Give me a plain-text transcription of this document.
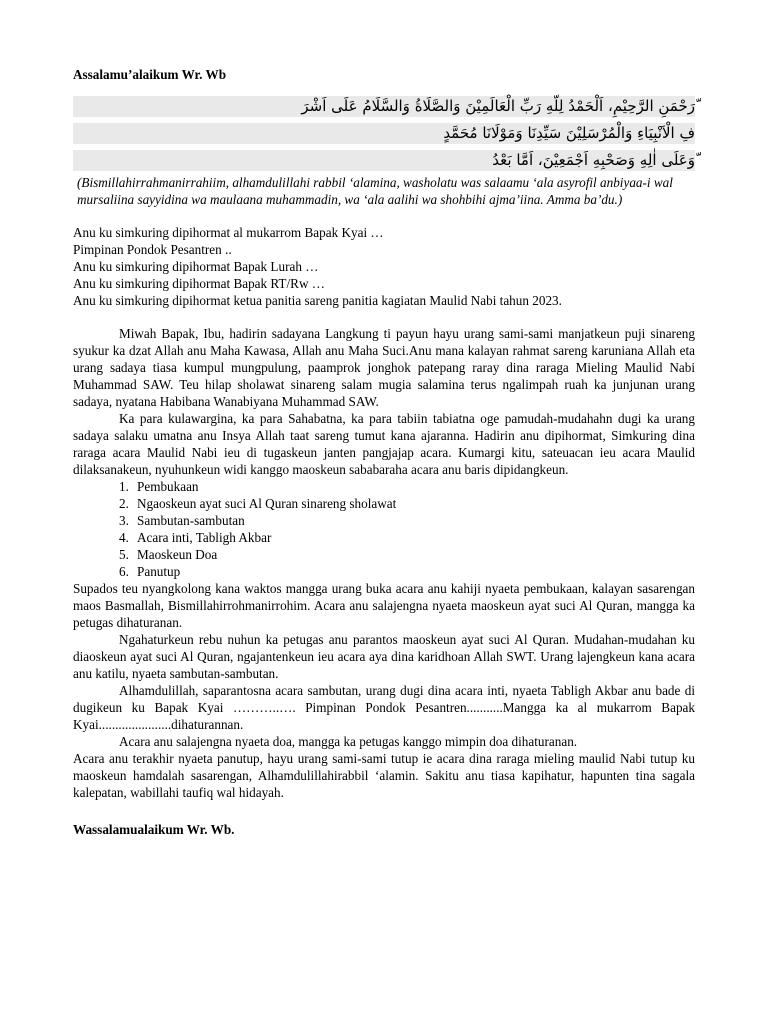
Assalamu’alaikum Wr. Wb
ّرَحْمَنِ الرَّحِيْمِ، اَلْحَمْدُ لِلّهِ رَبِّ الْعَالَمِيْنَ وَالصَّلَاةُ وَالسَّلَامُ عَلَى اَشْرَ
فِ الْاَنْبِيَاءِ وَالْمُرْسَلِيْنَ سَيِّدِنَا وَمَوْلَانَا مُحَمَّدٍ
ّوَعَلَى اٰلِهِ وَصَحْبِهِ اَجْمَعِيْنَ، اَمَّا بَعْدُ

(Bismillahirrahmanirrahiim, alhamdulillahi rabbil ‘alamina, washolatu was salaamu ‘ala asyrofil anbiyaa-i wal mursaliina sayyidina wa maulaana muhammadin, wa ‘ala aalihi wa shohbihi ajma’iina. Amma ba’du.)

Anu ku simkuring dipihormat al mukarrom Bapak Kyai …
Pimpinan Pondok Pesantren ..
Anu ku simkuring dipihormat Bapak Lurah …
Anu ku simkuring dipihormat Bapak RT/Rw …
Anu ku simkuring dipihormat ketua panitia sareng panitia kagiatan Maulid Nabi tahun 2023.

Miwah Bapak, Ibu, hadirin sadayana Langkung ti payun hayu urang sami-sami manjatkeun puji sinareng syukur ka dzat Allah anu Maha Kawasa, Allah anu Maha Suci.Anu mana kalayan rahmat sareng karuniana Allah eta urang sadaya tiasa kumpul mungpulung, paamprok jonghok patepang raray dina raraga Mieling Maulid Nabi Muhammad SAW. Teu hilap sholawat sinareng salam mugia salamina terus ngalimpah ruah ka junjunan urang sadaya, nyatana Habibana Wanabiyana Muhammad SAW.

Ka para kulawargina, ka para Sahabatna, ka para tabiin tabiatna oge pamudah-mudahahn dugi ka urang sadaya salaku umatna anu Insya Allah taat sareng tumut kana ajaranna. Hadirin anu dipihormat, Simkuring dina raraga acara Maulid Nabi ieu di tugaskeun janten pangjajap acara. Kumargi kitu, sateuacan ieu acara Maulid dilaksanakeun, nyuhunkeun widi kanggo maoskeun sababaraha acara anu baris dipidangkeun.

1. Pembukaan
2. Ngaoskeun ayat suci Al Quran sinareng sholawat
3. Sambutan-sambutan
4. Acara inti, Tabligh Akbar
5. Maoskeun Doa
6. Panutup

Supados teu nyangkolong kana waktos mangga urang buka acara anu kahiji nyaeta pembukaan, kalayan sasarengan maos Basmallah, Bismillahirrohmanirrohim. Acara anu salajengna nyaeta maoskeun ayat suci Al Quran, mangga ka petugas dihaturanan.

Ngahaturkeun rebu nuhun ka petugas anu parantos maoskeun ayat suci Al Quran. Mudahan-mudahan ku diaoskeun ayat suci Al Quran, ngajantenkeun ieu acara aya dina karidhoan Allah SWT. Urang lajengkeun kana acara anu katilu, nyaeta sambutan-sambutan.

Alhamdulillah, saparantosna acara sambutan, urang dugi dina acara inti, nyaeta Tabligh Akbar anu bade di dugikeun ku Bapak Kyai ………..…. Pimpinan Pondok Pesantren...........Mangga ka al mukarrom Bapak Kyai......................dihaturannan.

Acara anu salajengna nyaeta doa, mangga ka petugas kanggo mimpin doa dihaturanan.

Acara anu terakhir nyaeta panutup, hayu urang sami-sami tutup ie acara dina raraga mieling maulid Nabi tutup ku maoskeun hamdalah sasarengan, Alhamdulillahirabbil ‘alamin. Sakitu anu tiasa kapihatur, hapunten tina sagala kalepatan, wabillahi taufiq wal hidayah.

Wassalamualaikum Wr. Wb.
